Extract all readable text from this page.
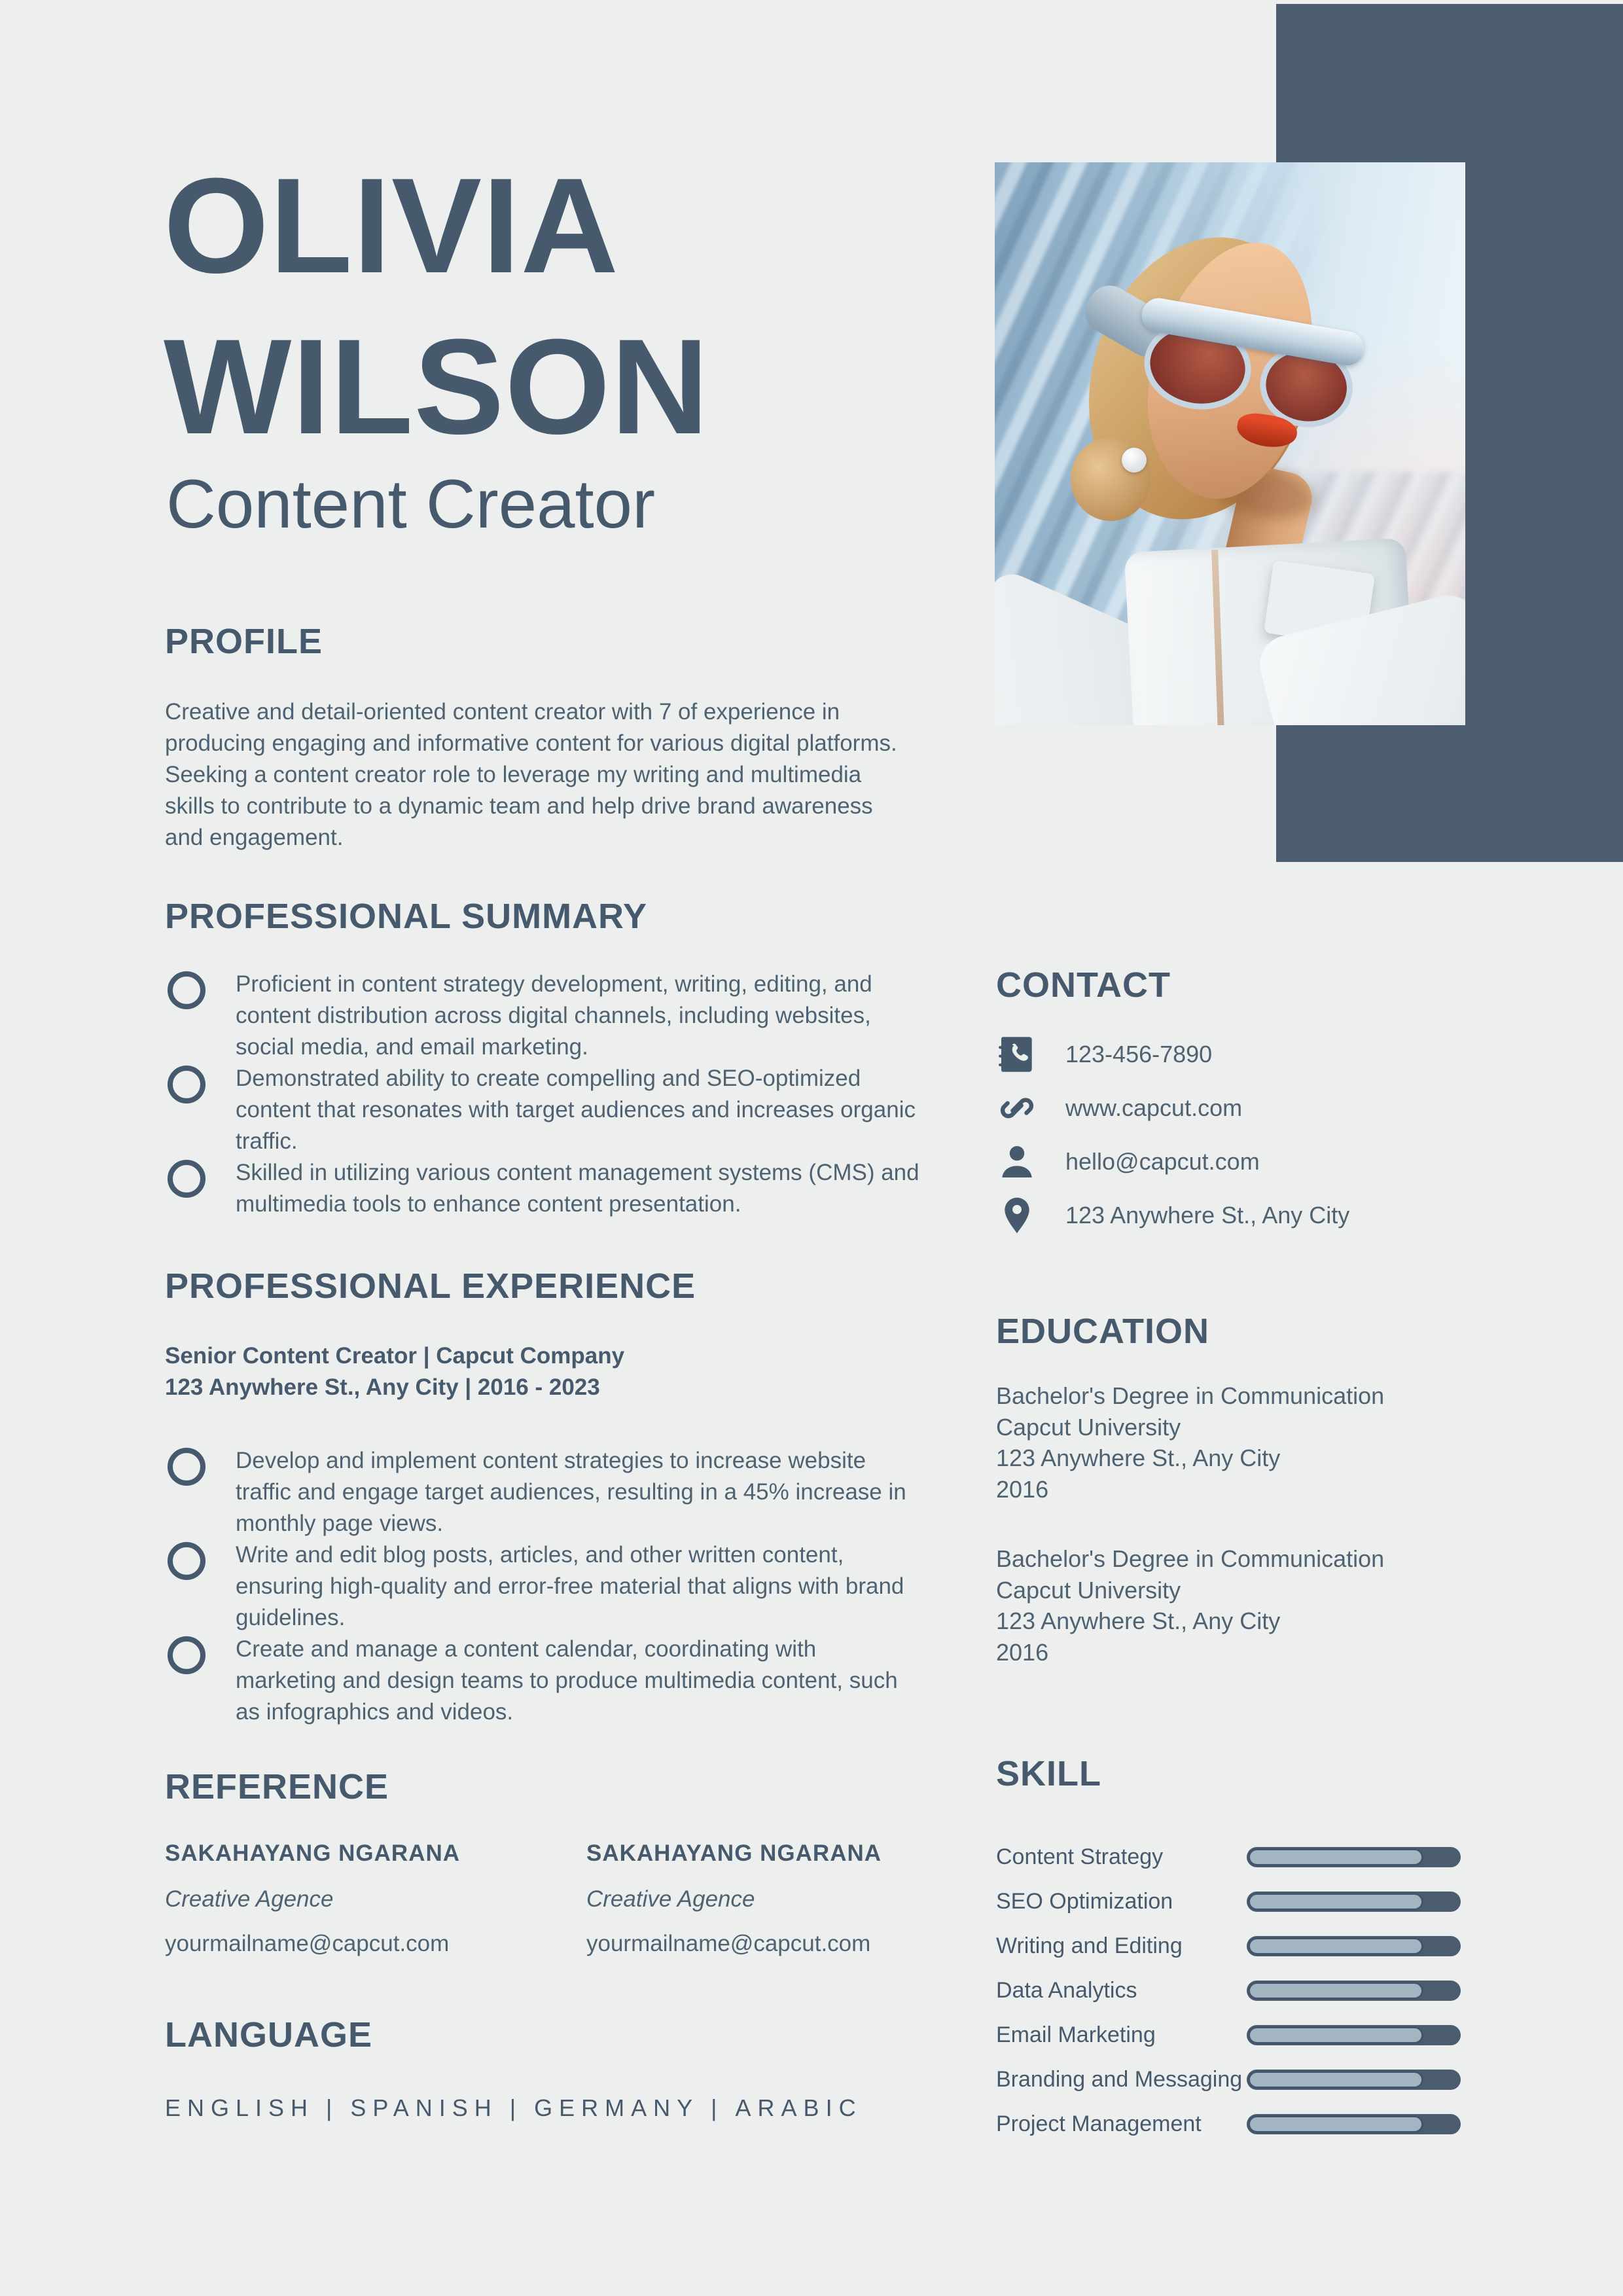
OLIVIA
WILSON
Content Creator
PROFILE
Creative and detail-oriented content creator with 7 of experience in producing engaging and informative content for various digital platforms. Seeking a content creator role to leverage my writing and multimedia skills to contribute to a dynamic team and help drive brand awareness and engagement.
PROFESSIONAL SUMMARY
Proficient in content strategy development, writing, editing, and content distribution across digital channels, including websites, social media, and email marketing.
Demonstrated ability to create compelling and SEO-optimized content that resonates with target audiences and increases organic traffic.
Skilled in utilizing various content management systems (CMS) and multimedia tools to enhance content presentation.
PROFESSIONAL EXPERIENCE
Senior Content Creator | Capcut Company
123 Anywhere St., Any City | 2016 - 2023
Develop and implement content strategies to increase website traffic and engage target audiences, resulting in a 45% increase in monthly page views.
Write and edit blog posts, articles, and other written content, ensuring high-quality and error-free material that aligns with brand guidelines.
Create and manage a content calendar, coordinating with marketing and design teams to produce multimedia content, such as infographics and videos.
REFERENCE
SAKAHAYANG NGARANA
Creative Agence
yourmailname@capcut.com
SAKAHAYANG NGARANA
Creative Agence
yourmailname@capcut.com
LANGUAGE
ENGLISH | SPANISH | GERMANY | ARABIC
CONTACT
123-456-7890
www.capcut.com
hello@capcut.com
123 Anywhere St., Any City
EDUCATION
Bachelor's Degree in Communication
Capcut University
123 Anywhere St., Any City
2016
Bachelor's Degree in Communication
Capcut University
123 Anywhere St., Any City
2016
SKILL
Content Strategy
SEO Optimization
Writing and Editing
Data Analytics
Email Marketing
Branding and Messaging
Project Management
